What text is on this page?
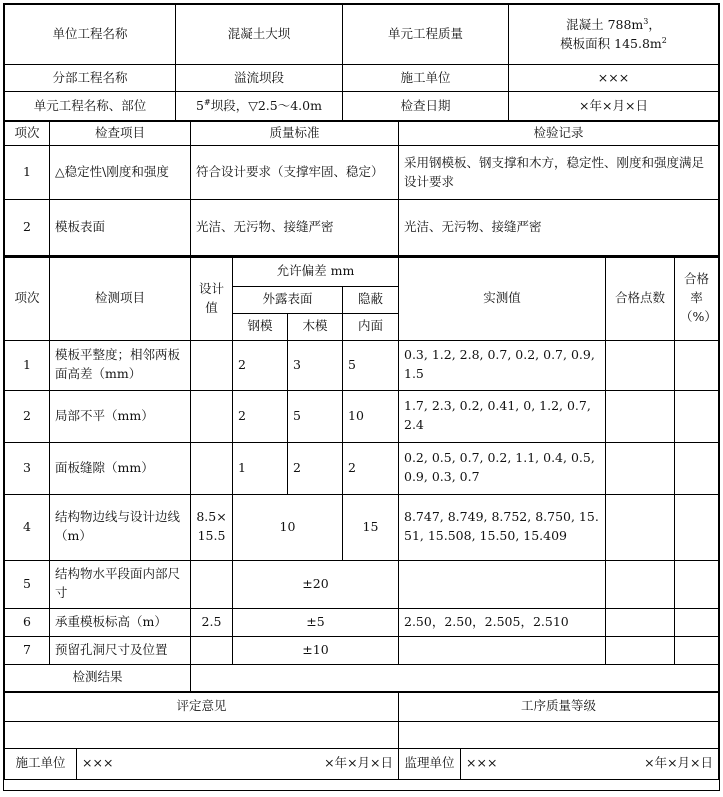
单位工程名称	混凝土大坝	单元工程质量	混凝土 $788m^3$，
模板面积 $145.8m^2$

分部工程名称	溢流坝段	施工单位	×××
单元工程名称、部位	5#坝段，▽2.5～4.0m	检查日期	×年×月×日
项次	检查项目	质量标准	检验记录
1	△稳定性\刚度和强度	符合设计要求（支撑牢固、稳定）	采用钢模板、钢支撑和木方，稳定性、刚度和强度满足设计要求
2	模板表面	光洁、无污物、接缝严密	光洁、无污物、接缝严密
项次	检测项目	设计值	允许偏差 mm			实测值	合格点数	合格率（%）
			外露表面		隐蔽			
			钢模	木模	内面			
1	模板平整度；相邻两板面高差（mm）		2	3	5	0.3, 1.2, 2.8, 0.7, 0.2, 0.7, 0.9, 1.5		
2	局部不平（mm）		2	5	10	1.7, 2.3, 0.2, 0.41, 0, 1.2, 0.7, 2.4		
3	面板缝隙（mm）		1	2	2	0.2, 0.5, 0.7, 0.2, 1.1, 0.4, 0.5, 0.9, 0.3, 0.7		
4	结构物边线与设计边线（m）	8.5×15.5	10		15	8.747, 8.749, 8.752, 8.750, 15.51, 15.508, 15.50, 15.409		
5	结构物水平段面内部尺寸		±20					
6	承重模板标高（m）	2.5	±5			2.50，2.50，2.505，2.510		
7	预留孔洞尺寸及位置		±10					
检测结果								
评定意见		工序质量等级	

施工单位	××× ×年×月×日	监理单位	××× ×年×月×日
